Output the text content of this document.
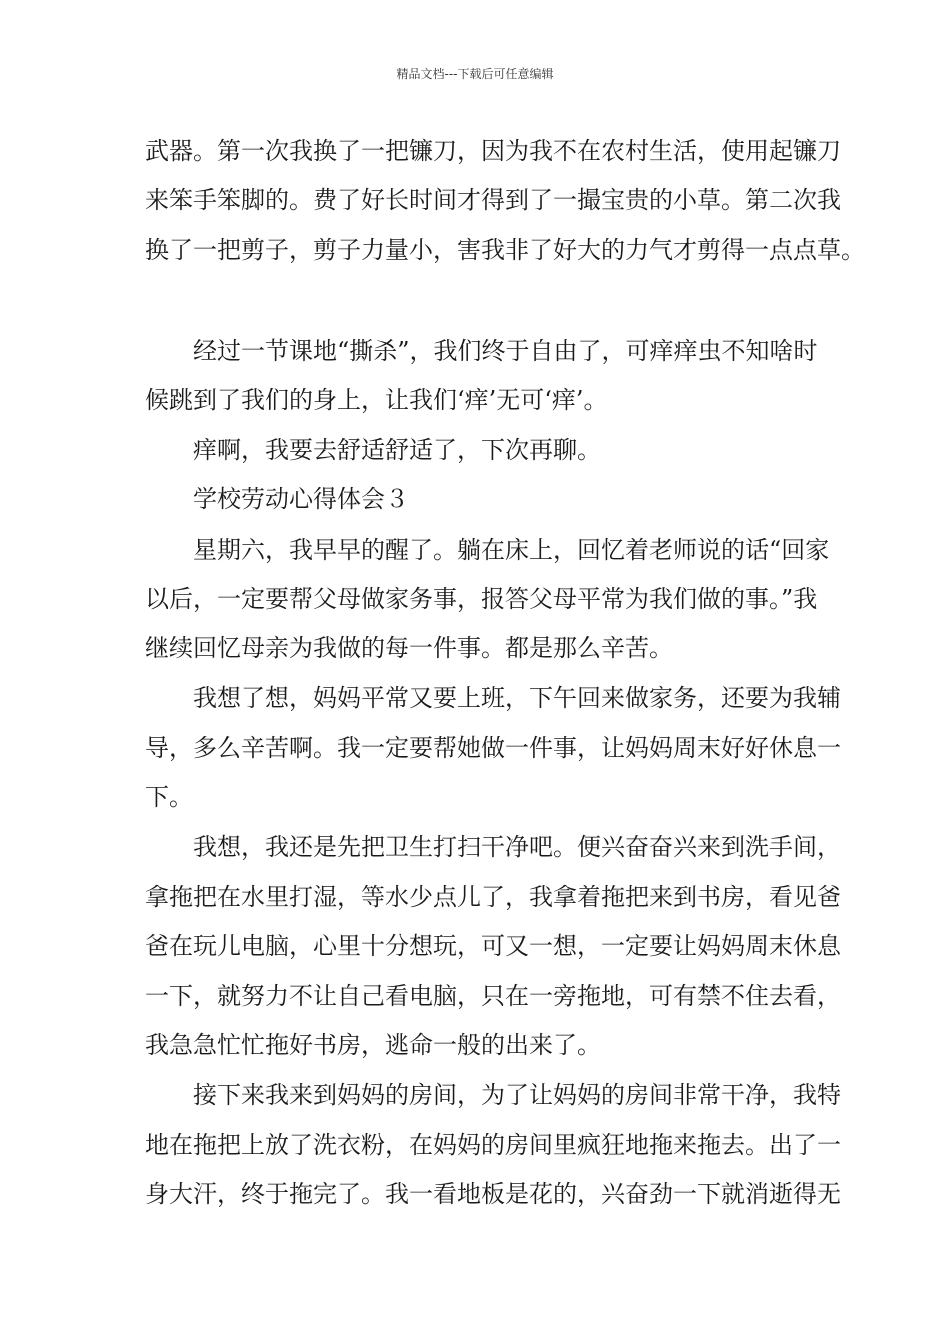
精品文档---下载后可任意编辑
武器。第一次我换了一把镰刀，因为我不在农村生活，使用起镰刀
来笨手笨脚的。费了好长时间才得到了一撮宝贵的小草。第二次我
换了一把剪子，剪子力量小，害我非了好大的力气才剪得一点点草。
经过一节课地“撕杀”，我们终于自由了，可痒痒虫不知啥时
候跳到了我们的身上，让我们‘痒’无可‘痒’。
痒啊，我要去舒适舒适了，下次再聊。
学校劳动心得体会３
星期六，我早早的醒了。躺在床上，回忆着老师说的话“回家
以后，一定要帮父母做家务事，报答父母平常为我们做的事。”我
继续回忆母亲为我做的每一件事。都是那么辛苦。
我想了想，妈妈平常又要上班，下午回来做家务，还要为我辅
导，多么辛苦啊。我一定要帮她做一件事，让妈妈周末好好休息一
下。
我想，我还是先把卫生打扫干净吧。便兴奋奋兴来到洗手间，
拿拖把在水里打湿，等水少点儿了，我拿着拖把来到书房，看见爸
爸在玩儿电脑，心里十分想玩，可又一想，一定要让妈妈周末休息
一下，就努力不让自己看电脑，只在一旁拖地，可有禁不住去看，
我急急忙忙拖好书房，逃命一般的出来了。
接下来我来到妈妈的房间，为了让妈妈的房间非常干净，我特
地在拖把上放了洗衣粉，在妈妈的房间里疯狂地拖来拖去。出了一
身大汗，终于拖完了。我一看地板是花的，兴奋劲一下就消逝得无
